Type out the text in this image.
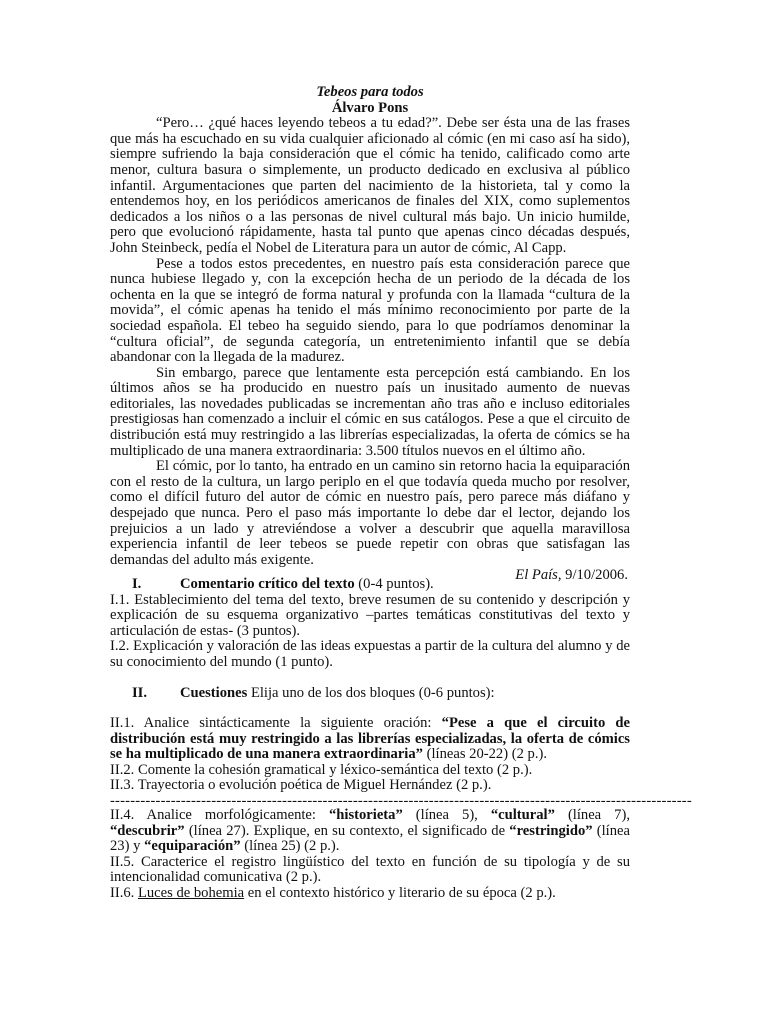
Tebeos para todos
Álvaro Pons

“Pero… ¿qué haces leyendo tebeos a tu edad?”. Debe ser ésta una de las frases que más ha escuchado en su vida cualquier aficionado al cómic (en mi caso así ha sido), siempre sufriendo la baja consideración que el cómic ha tenido, calificado como arte menor, cultura basura o simplemente, un producto dedicado en exclusiva al público infantil. Argumentaciones que parten del nacimiento de la historieta, tal y como la entendemos hoy, en los periódicos americanos de finales del XIX, como suplementos dedicados a los niños o a las personas de nivel cultural más bajo. Un inicio humilde, pero que evolucionó rápidamente, hasta tal punto que apenas cinco décadas después, John Steinbeck, pedía el Nobel de Literatura para un autor de cómic, Al Capp.

Pese a todos estos precedentes, en nuestro país esta consideración parece que nunca hubiese llegado y, con la excepción hecha de un periodo de la década de los ochenta en la que se integró de forma natural y profunda con la llamada “cultura de la movida”, el cómic apenas ha tenido el más mínimo reconocimiento por parte de la sociedad española. El tebeo ha seguido siendo, para lo que podríamos denominar la “cultura oficial”, de segunda categoría, un entretenimiento infantil que se debía abandonar con la llegada de la madurez.

Sin embargo, parece que lentamente esta percepción está cambiando. En los últimos años se ha producido en nuestro país un inusitado aumento de nuevas editoriales, las novedades publicadas se incrementan año tras año e incluso editoriales prestigiosas han comenzado a incluir el cómic en sus catálogos. Pese a que el circuito de distribución está muy restringido a las librerías especializadas, la oferta de cómics se ha multiplicado de una manera extraordinaria: 3.500 títulos nuevos en el último año.

El cómic, por lo tanto, ha entrado en un camino sin retorno hacia la equiparación con el resto de la cultura, un largo periplo en el que todavía queda mucho por resolver, como el difícil futuro del autor de cómic en nuestro país, pero parece más diáfano y despejado que nunca. Pero el paso más importante lo debe dar el lector, dejando los prejuicios a un lado y atreviéndose a volver a descubrir que aquella maravillosa experiencia infantil de leer tebeos se puede repetir con obras que satisfagan las demandas del adulto más exigente.

El País, 9/10/2006.

I.	Comentario crítico del texto (0-4 puntos).

I.1. Establecimiento del tema del texto, breve resumen de su contenido y descripción y explicación de su esquema organizativo –partes temáticas constitutivas del texto y articulación de estas- (3 puntos).

I.2. Explicación y valoración de las ideas expuestas a partir de la cultura del alumno y de su conocimiento del mundo (1 punto).

II. Cuestiones Elija uno de los dos bloques (0-6 puntos):

II.1. Analice sintácticamente la siguiente oración: “Pese a que el circuito de distribución está muy restringido a las librerías especializadas, la oferta de cómics se ha multiplicado de una manera extraordinaria” (líneas 20-22) (2 p.).

II.2. Comente la cohesión gramatical y léxico-semántica del texto (2 p.).

II.3. Trayectoria o evolución poética de Miguel Hernández (2 p.).

-------------------------------------------------------------------------------------------------------------------

II.4. Analice morfológicamente: “historieta” (línea 5), “cultural” (línea 7), “descubrir” (línea 27). Explique, en su contexto, el significado de “restringido” (línea 23) y “equiparación” (línea 25) (2 p.).

II.5. Caracterice el registro lingüístico del texto en función de su tipología y de su intencionalidad comunicativa (2 p.).

II.6. Luces de bohemia en el contexto histórico y literario de su época (2 p.).
